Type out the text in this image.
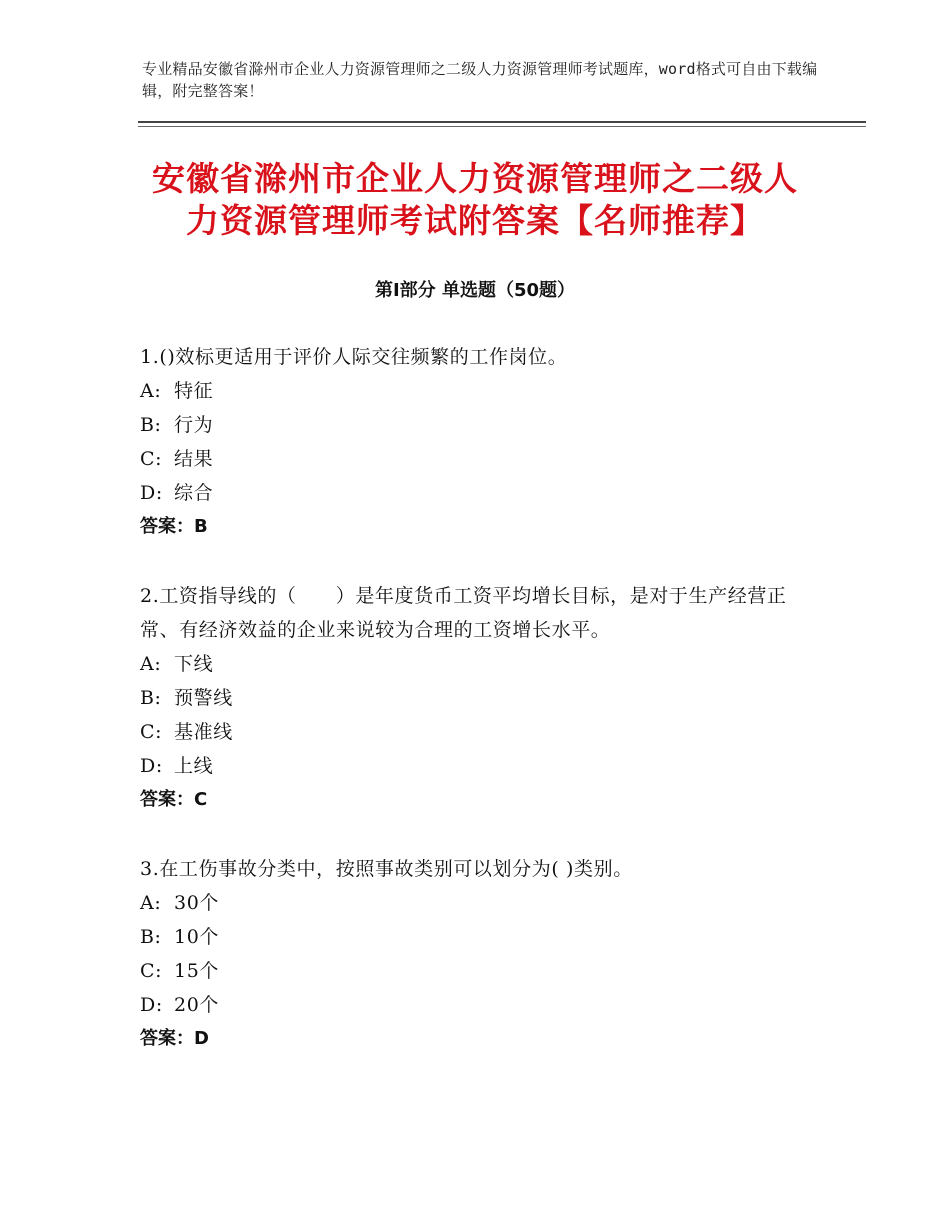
专业精品安徽省滁州市企业人力资源管理师之二级人力资源管理师考试题库，word格式可自由下载编辑，附完整答案！
安徽省滁州市企业人力资源管理师之二级人力资源管理师考试附答案【名师推荐】
第Ⅰ部分 单选题（50题）
1.()效标更适用于评价人际交往频繁的工作岗位。
A: 特征
B: 行为
C: 结果
D: 综合
答案：B
2.工资指导线的（　　）是年度货币工资平均增长目标，是对于生产经营正常、有经济效益的企业来说较为合理的工资增长水平。
A: 下线
B: 预警线
C: 基准线
D: 上线
答案：C
3.在工伤事故分类中，按照事故类别可以划分为( )类别。
A: 30个
B: 10个
C: 15个
D: 20个
答案：D
